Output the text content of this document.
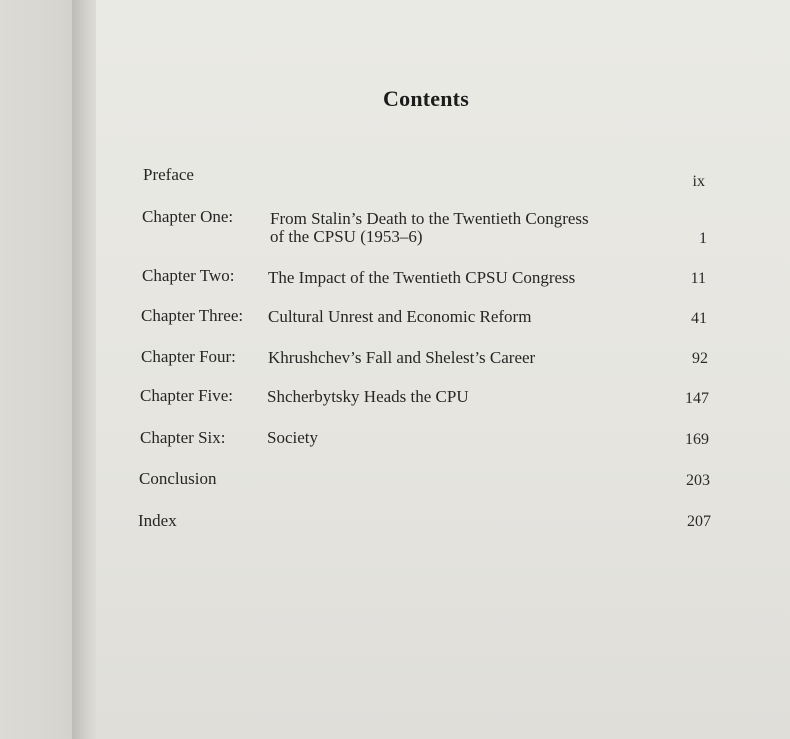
Contents
Preface	ix
Chapter One: From Stalin’s Death to the Twentieth Congress
of the CPSU (1953–6)	1
Chapter Two: The Impact of the Twentieth CPSU Congress	11
Chapter Three: Cultural Unrest and Economic Reform	41
Chapter Four: Khrushchev’s Fall and Shelest’s Career	92
Chapter Five: Shcherbytsky Heads the CPU	147
Chapter Six: Society	169
Conclusion	203
Index	207
